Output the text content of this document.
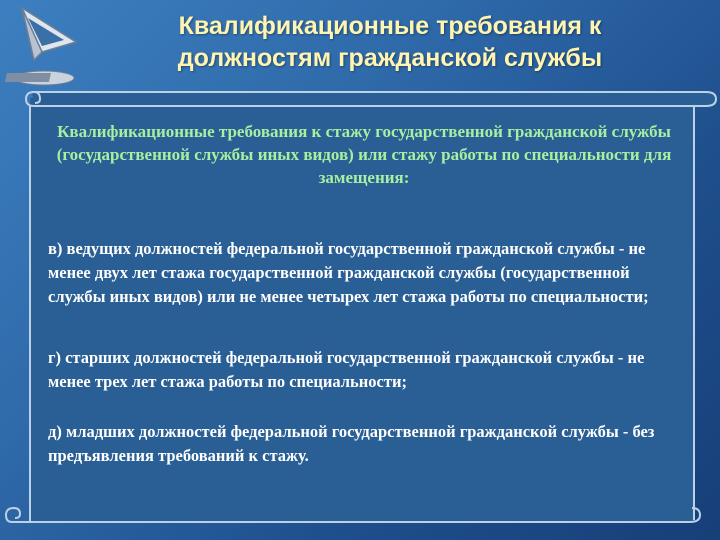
Квалификационные требования к должностям гражданской службы
Квалификационные требования к стажу государственной гражданской службы (государственной службы иных видов) или стажу работы по специальности для замещения:
в) ведущих должностей федеральной государственной гражданской службы - не менее двух лет стажа государственной гражданской службы (государственной службы иных видов) или не менее четырех лет стажа работы по специальности;
г) старших должностей федеральной государственной гражданской службы - не менее трех лет стажа работы по специальности;
д) младших должностей федеральной государственной гражданской службы - без предъявления требований к стажу.
